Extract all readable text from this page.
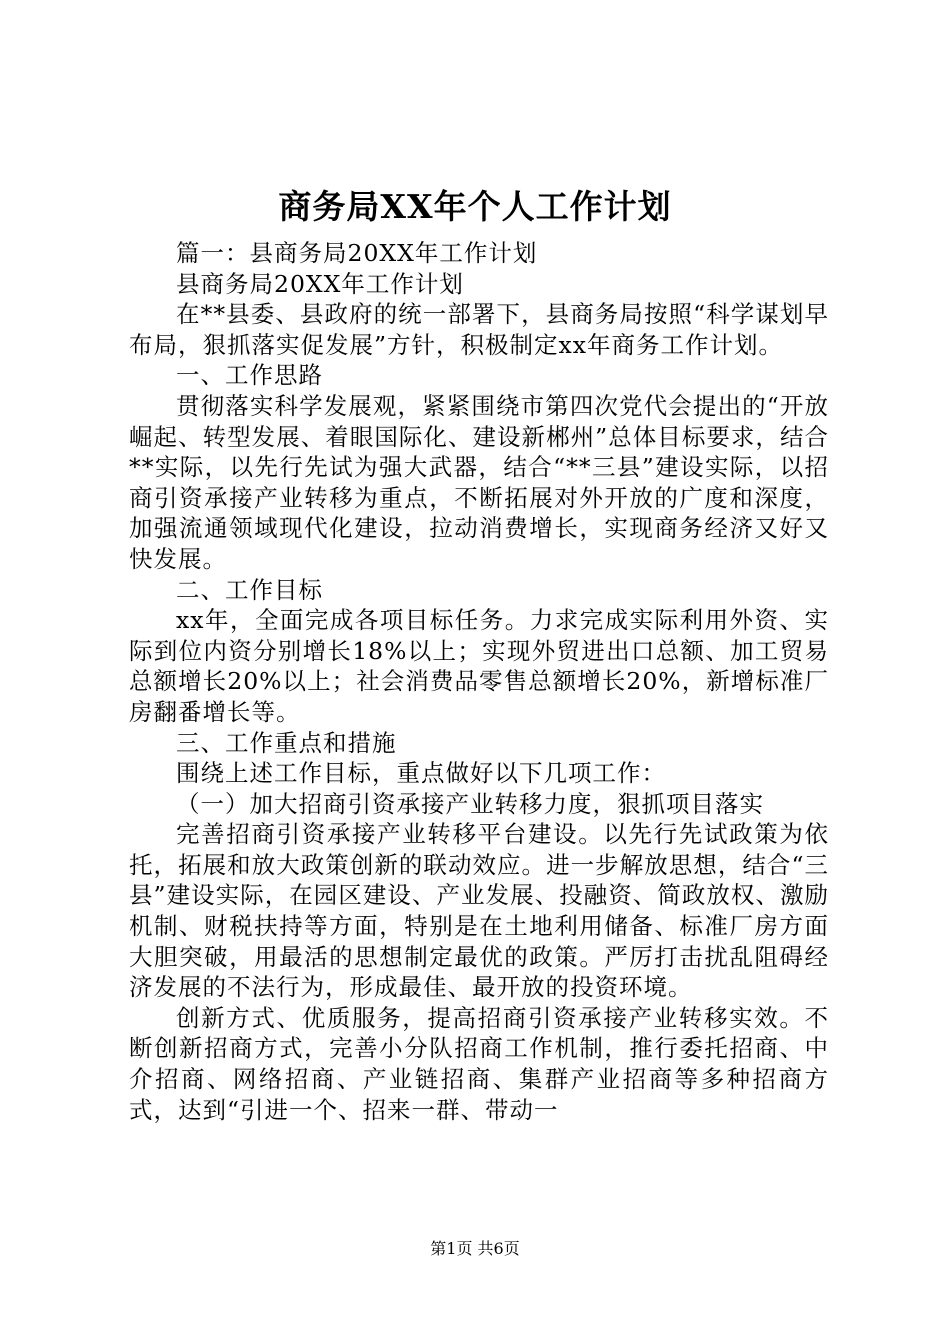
商务局XX年个人工作计划

篇一：县商务局20XX年工作计划

县商务局20XX年工作计划

在**县委、县政府的统一部署下，县商务局按照“科学谋划早布局，狠抓落实促发展”方针，积极制定xx年商务工作计划。

一、工作思路

贯彻落实科学发展观，紧紧围绕市第四次党代会提出的“开放崛起、转型发展、着眼国际化、建设新郴州”总体目标要求，结合**实际，以先行先试为强大武器，结合“**三县”建设实际，以招商引资承接产业转移为重点，不断拓展对外开放的广度和深度，加强流通领域现代化建设，拉动消费增长，实现商务经济又好又快发展。

二、工作目标

xx年，全面完成各项目标任务。力求完成实际利用外资、实际到位内资分别增长18%以上；实现外贸进出口总额、加工贸易总额增长20%以上；社会消费品零售总额增长20%，新增标准厂房翻番增长等。

三、工作重点和措施

围绕上述工作目标，重点做好以下几项工作：

（一）加大招商引资承接产业转移力度，狠抓项目落实

完善招商引资承接产业转移平台建设。以先行先试政策为依托，拓展和放大政策创新的联动效应。进一步解放思想，结合“三县”建设实际，在园区建设、产业发展、投融资、简政放权、激励机制、财税扶持等方面，特别是在土地利用储备、标准厂房方面大胆突破，用最活的思想制定最优的政策。严厉打击扰乱阻碍经济发展的不法行为，形成最佳、最开放的投资环境。

创新方式、优质服务，提高招商引资承接产业转移实效。不断创新招商方式，完善小分队招商工作机制，推行委托招商、中介招商、网络招商、产业链招商、集群产业招商等多种招商方式，达到“引进一个、招来一群、带动一

第1页 共6页
